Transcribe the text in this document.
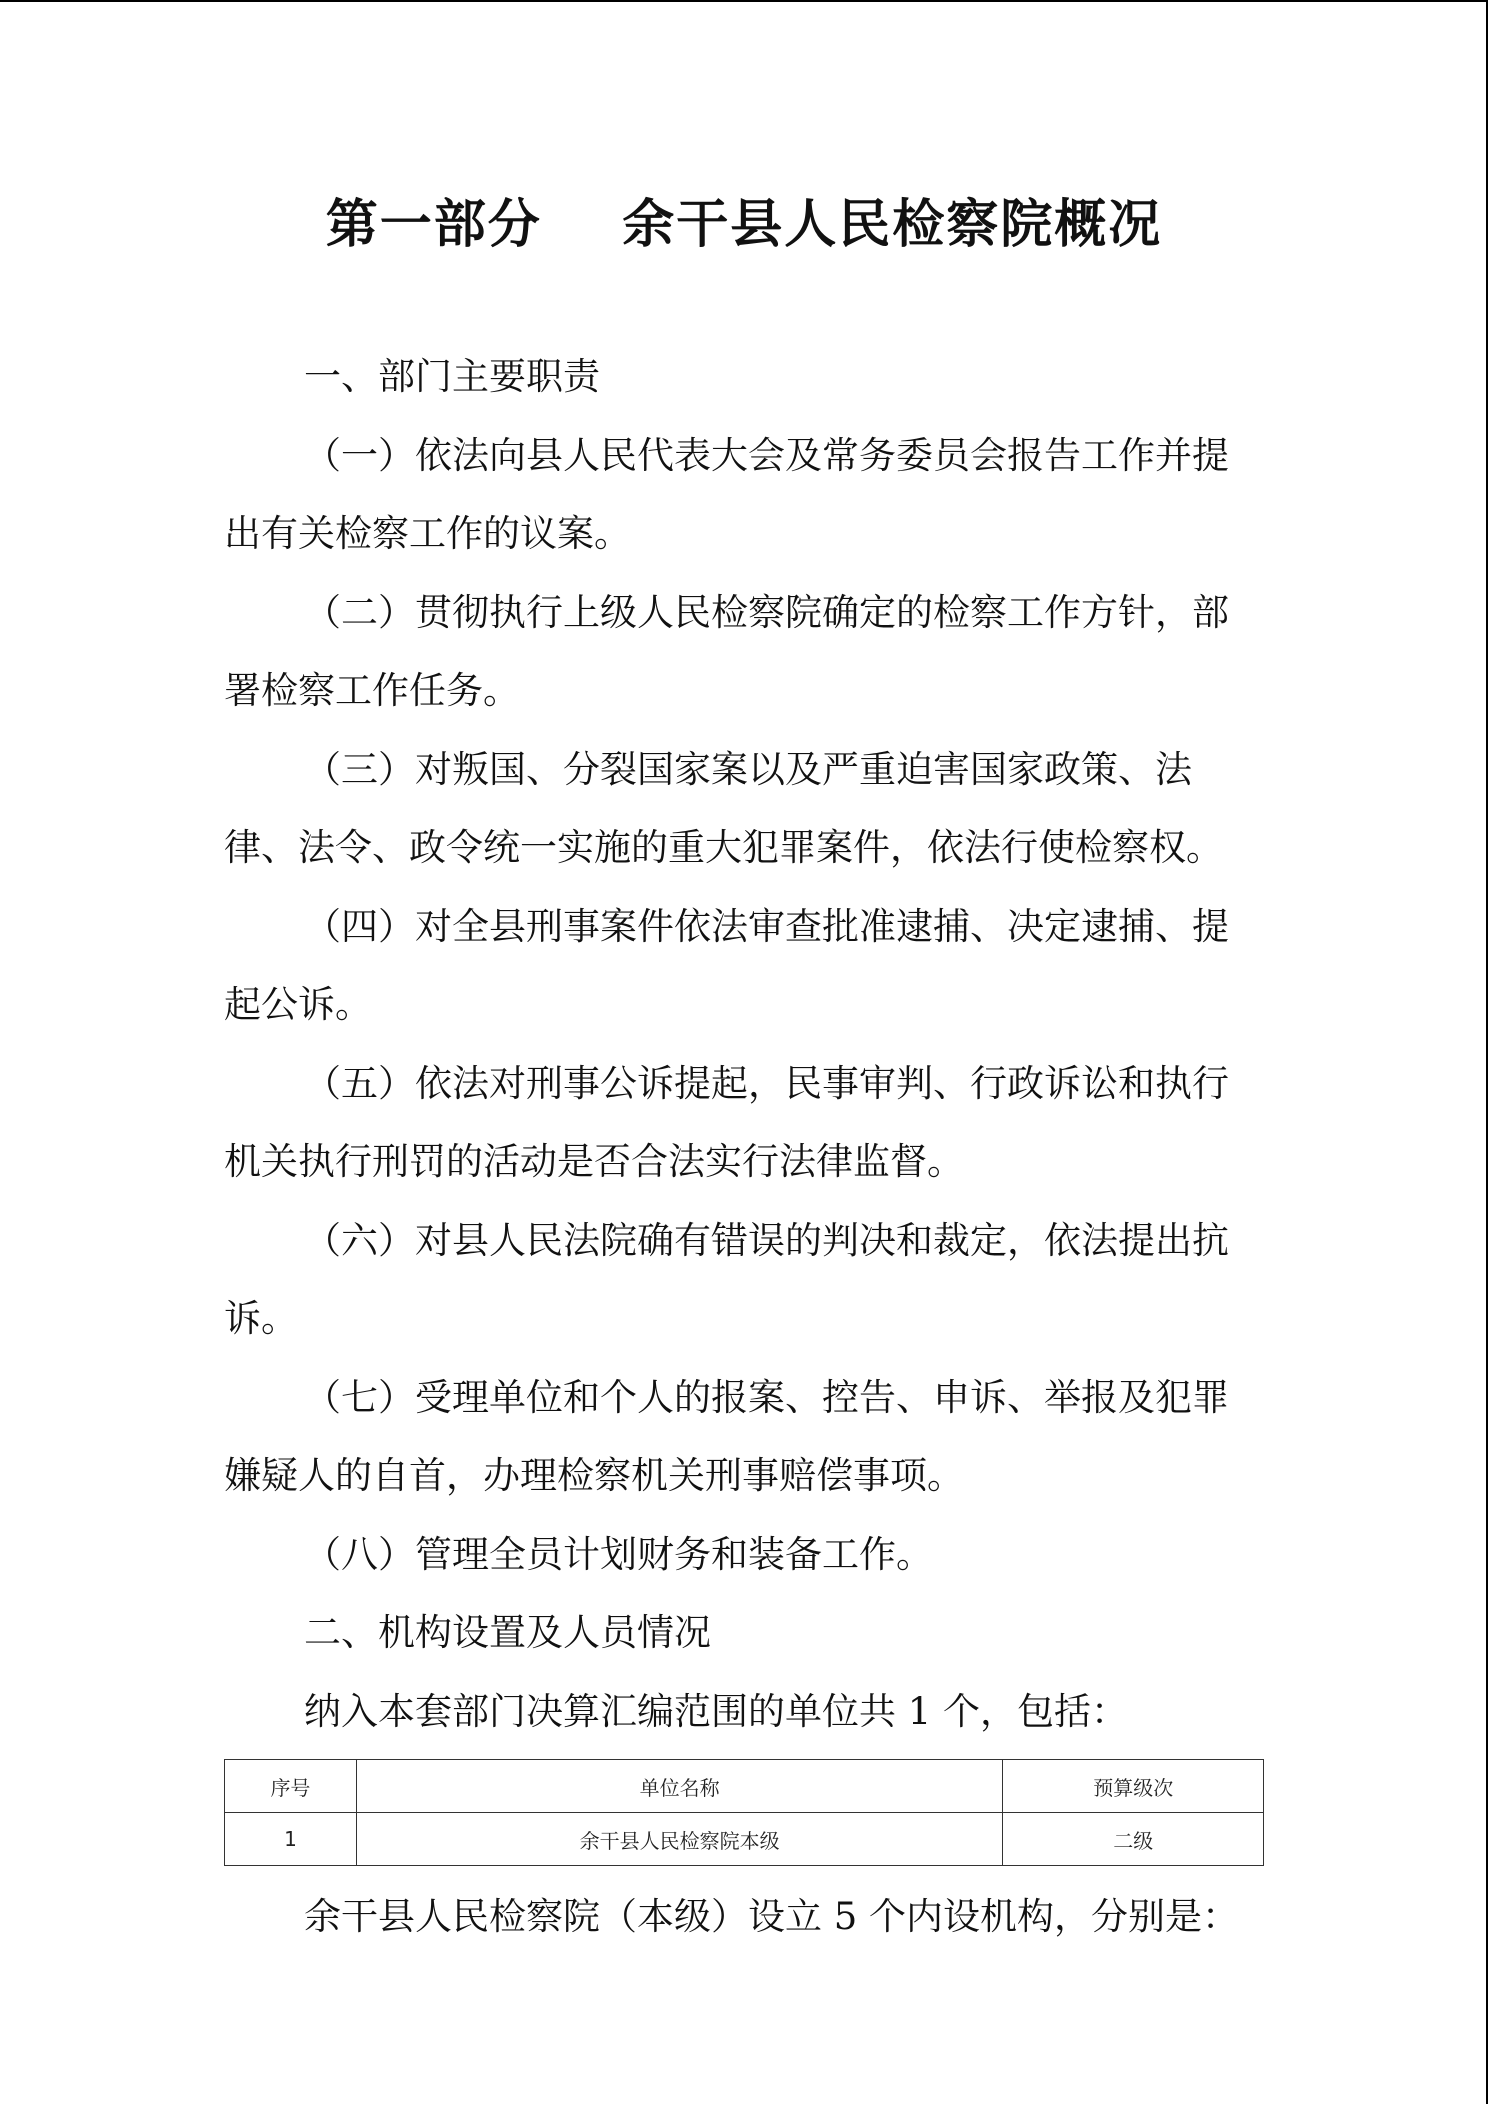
第一部分    余干县人民检察院概况

一、部门主要职责

（一）依法向县人民代表大会及常务委员会报告工作并提出有关检察工作的议案。

（二）贯彻执行上级人民检察院确定的检察工作方针，部署检察工作任务。

（三）对叛国、分裂国家案以及严重迫害国家政策、法律、法令、政令统一实施的重大犯罪案件，依法行使检察权。

（四）对全县刑事案件依法审查批准逮捕、决定逮捕、提起公诉。

（五）依法对刑事公诉提起，民事审判、行政诉讼和执行机关执行刑罚的活动是否合法实行法律监督。

（六）对县人民法院确有错误的判决和裁定，依法提出抗诉。

（七）受理单位和个人的报案、控告、申诉、举报及犯罪嫌疑人的自首，办理检察机关刑事赔偿事项。

（八）管理全员计划财务和装备工作。

二、机构设置及人员情况

纳入本套部门决算汇编范围的单位共 1 个，包括：

序号	单位名称	预算级次
1	余干县人民检察院本级	二级

余干县人民检察院（本级）设立 5 个内设机构，分别是：
